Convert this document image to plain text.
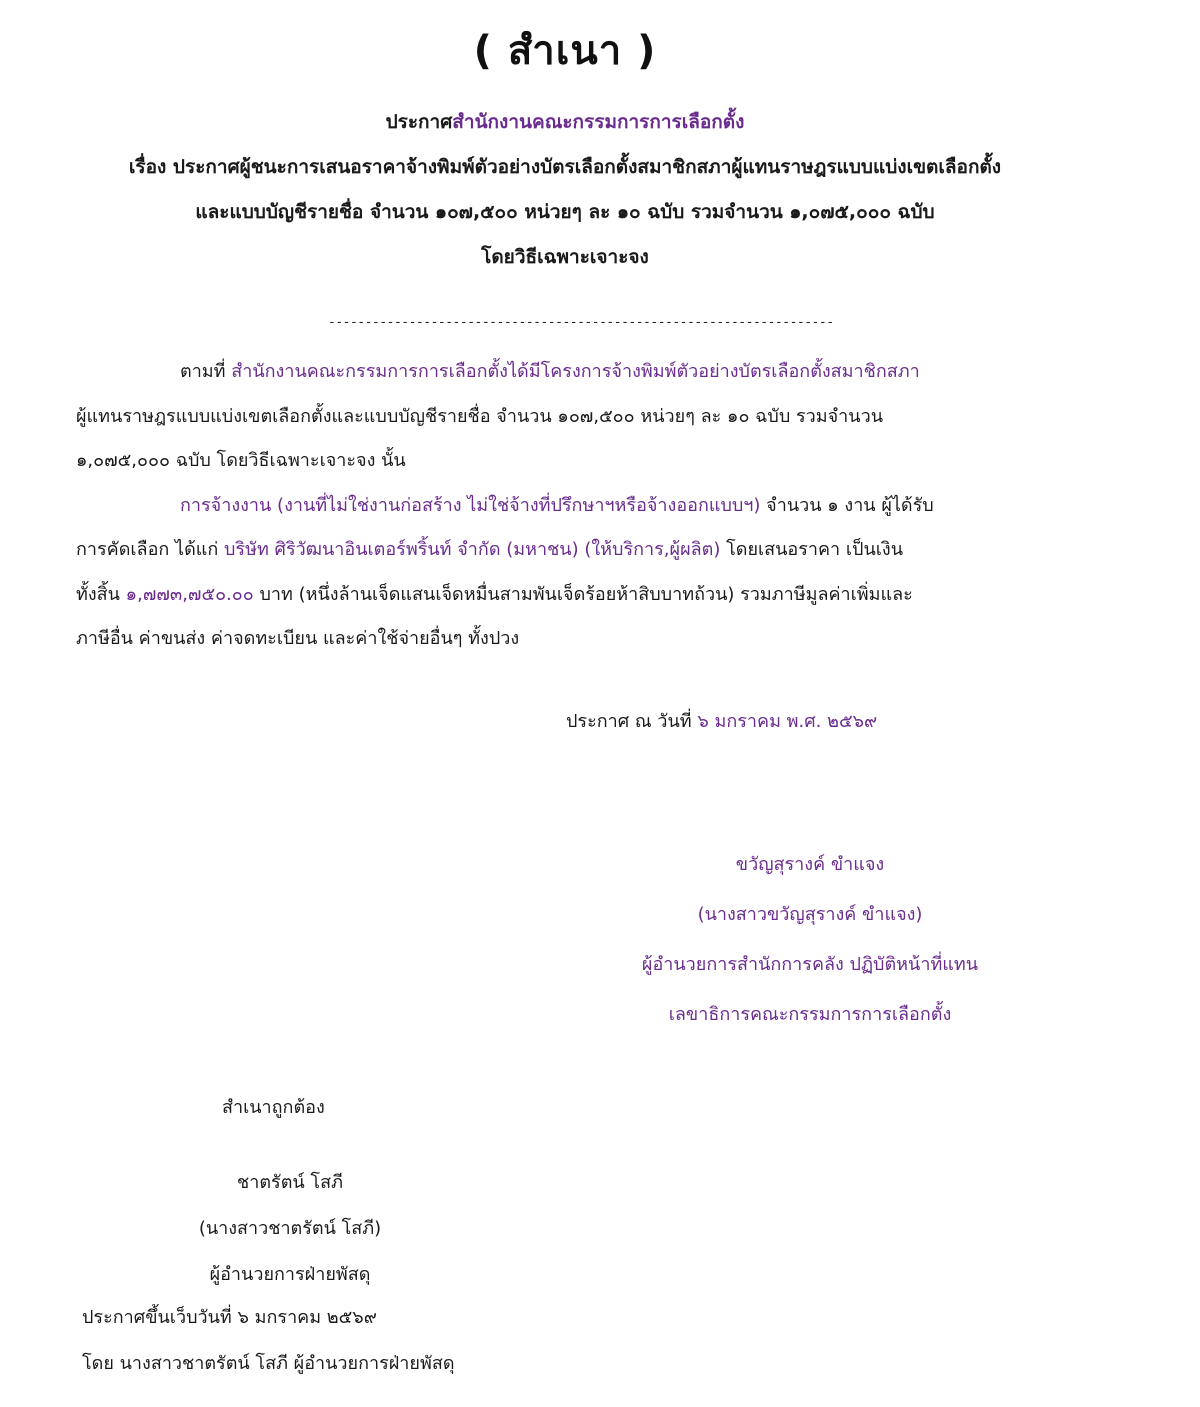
( สำเนา )
ประกาศสำนักงานคณะกรรมการการเลือกตั้ง
เรื่อง ประกาศผู้ชนะการเสนอราคาจ้างพิมพ์ตัวอย่างบัตรเลือกตั้งสมาชิกสภาผู้แทนราษฎรแบบแบ่งเขตเลือกตั้ง
และแบบบัญชีรายชื่อ จำนวน ๑๐๗,๕๐๐ หน่วยๆ ละ ๑๐ ฉบับ รวมจำนวน ๑,๐๗๕,๐๐๐ ฉบับ
โดยวิธีเฉพาะเจาะจง
---------------------------------------------------------------------

ตามที่ สำนักงานคณะกรรมการการเลือกตั้งได้มีโครงการจ้างพิมพ์ตัวอย่างบัตรเลือกตั้งสมาชิกสภา

ผู้แทนราษฎรแบบแบ่งเขตเลือกตั้งและแบบบัญชีรายชื่อ จำนวน ๑๐๗,๕๐๐ หน่วยๆ ละ ๑๐ ฉบับ รวมจำนวน
๑,๐๗๕,๐๐๐ ฉบับ โดยวิธีเฉพาะเจาะจง นั้น

การจ้างงาน (งานที่ไม่ใช่งานก่อสร้าง ไม่ใช่จ้างที่ปรึกษาฯหรือจ้างออกแบบฯ) จำนวน ๑ งาน ผู้ได้รับ

การคัดเลือก ได้แก่ บริษัท ศิริวัฒนาอินเตอร์พริ้นท์ จำกัด (มหาชน) (ให้บริการ,ผู้ผลิต) โดยเสนอราคา เป็นเงิน
ทั้งสิ้น ๑,๗๗๓,๗๕๐.๐๐ บาท (หนึ่งล้านเจ็ดแสนเจ็ดหมื่นสามพันเจ็ดร้อยห้าสิบบาทถ้วน) รวมภาษีมูลค่าเพิ่มและ
ภาษีอื่น ค่าขนส่ง ค่าจดทะเบียน และค่าใช้จ่ายอื่นๆ ทั้งปวง
ประกาศ ณ วันที่ ๖ มกราคม พ.ศ. ๒๕๖๙
ขวัญสุรางค์ ขำแจง
(นางสาวขวัญสุรางค์ ขำแจง)
ผู้อำนวยการสำนักการคลัง ปฏิบัติหน้าที่แทน
เลขาธิการคณะกรรมการการเลือกตั้ง
สำเนาถูกต้อง
ชาตรัตน์ โสภี
(นางสาวชาตรัตน์ โสภี)
ผู้อำนวยการฝ่ายพัสดุ
ประกาศขึ้นเว็บวันที่ ๖ มกราคม ๒๕๖๙
โดย นางสาวชาตรัตน์ โสภี ผู้อำนวยการฝ่ายพัสดุ
